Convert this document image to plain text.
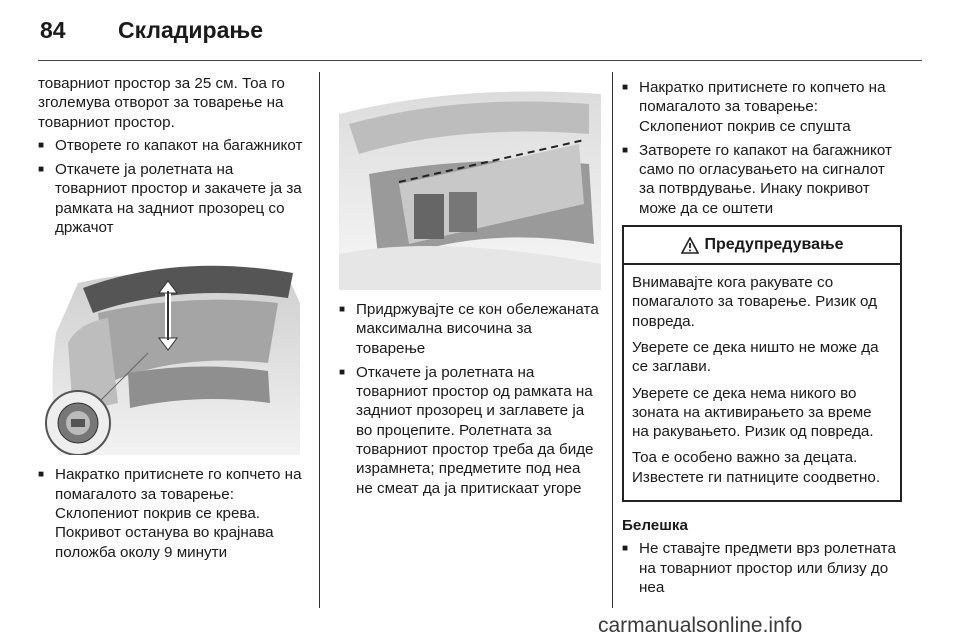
84 Складирање

товарниот простор за 25 см. Тоа го зголемува отворот за товарење на товарниот простор.

■ Отворете го капакот на багажникот
■ Откачете ја ролетната на товарниот простор и закачете ја за рамката на задниот прозорец со држачот
■ Накратко притиснете го копчето на помагалото за товарење: Склопениот покрив се крева. Покривот останува во крајнава положба околу 9 минути
■ Придржувајте се кон обележаната максимална височина за товарење
■ Откачете ја ролетната на товарниот простор од рамката на задниот прозорец и заглавете ја во процепите. Ролетната за товарниот простор треба да биде израмнета; предметите под неа не смеат да ја притискаат угоре
■ Накратко притиснете го копчето на помагалото за товарење: Склопениот покрив се спушта
■ Затворете го капакот на багажникот само по огласувањето на сигналот за потврдување. Инаку покривот може да се оштети
Предупредување

Внимавајте кога ракувате со помагалото за товарење. Ризик од повреда.

Уверете се дека ништо не може да се заглави.

Уверете се дека нема никого во зоната на активирањето за време на ракувањето. Ризик од повреда.

Тоа е особено важно за децата. Известете ги патниците соодветно.

Белешка
■ Не ставајте предмети врз ролетната на товарниот простор или близу до неа
carmanualsonline.info
